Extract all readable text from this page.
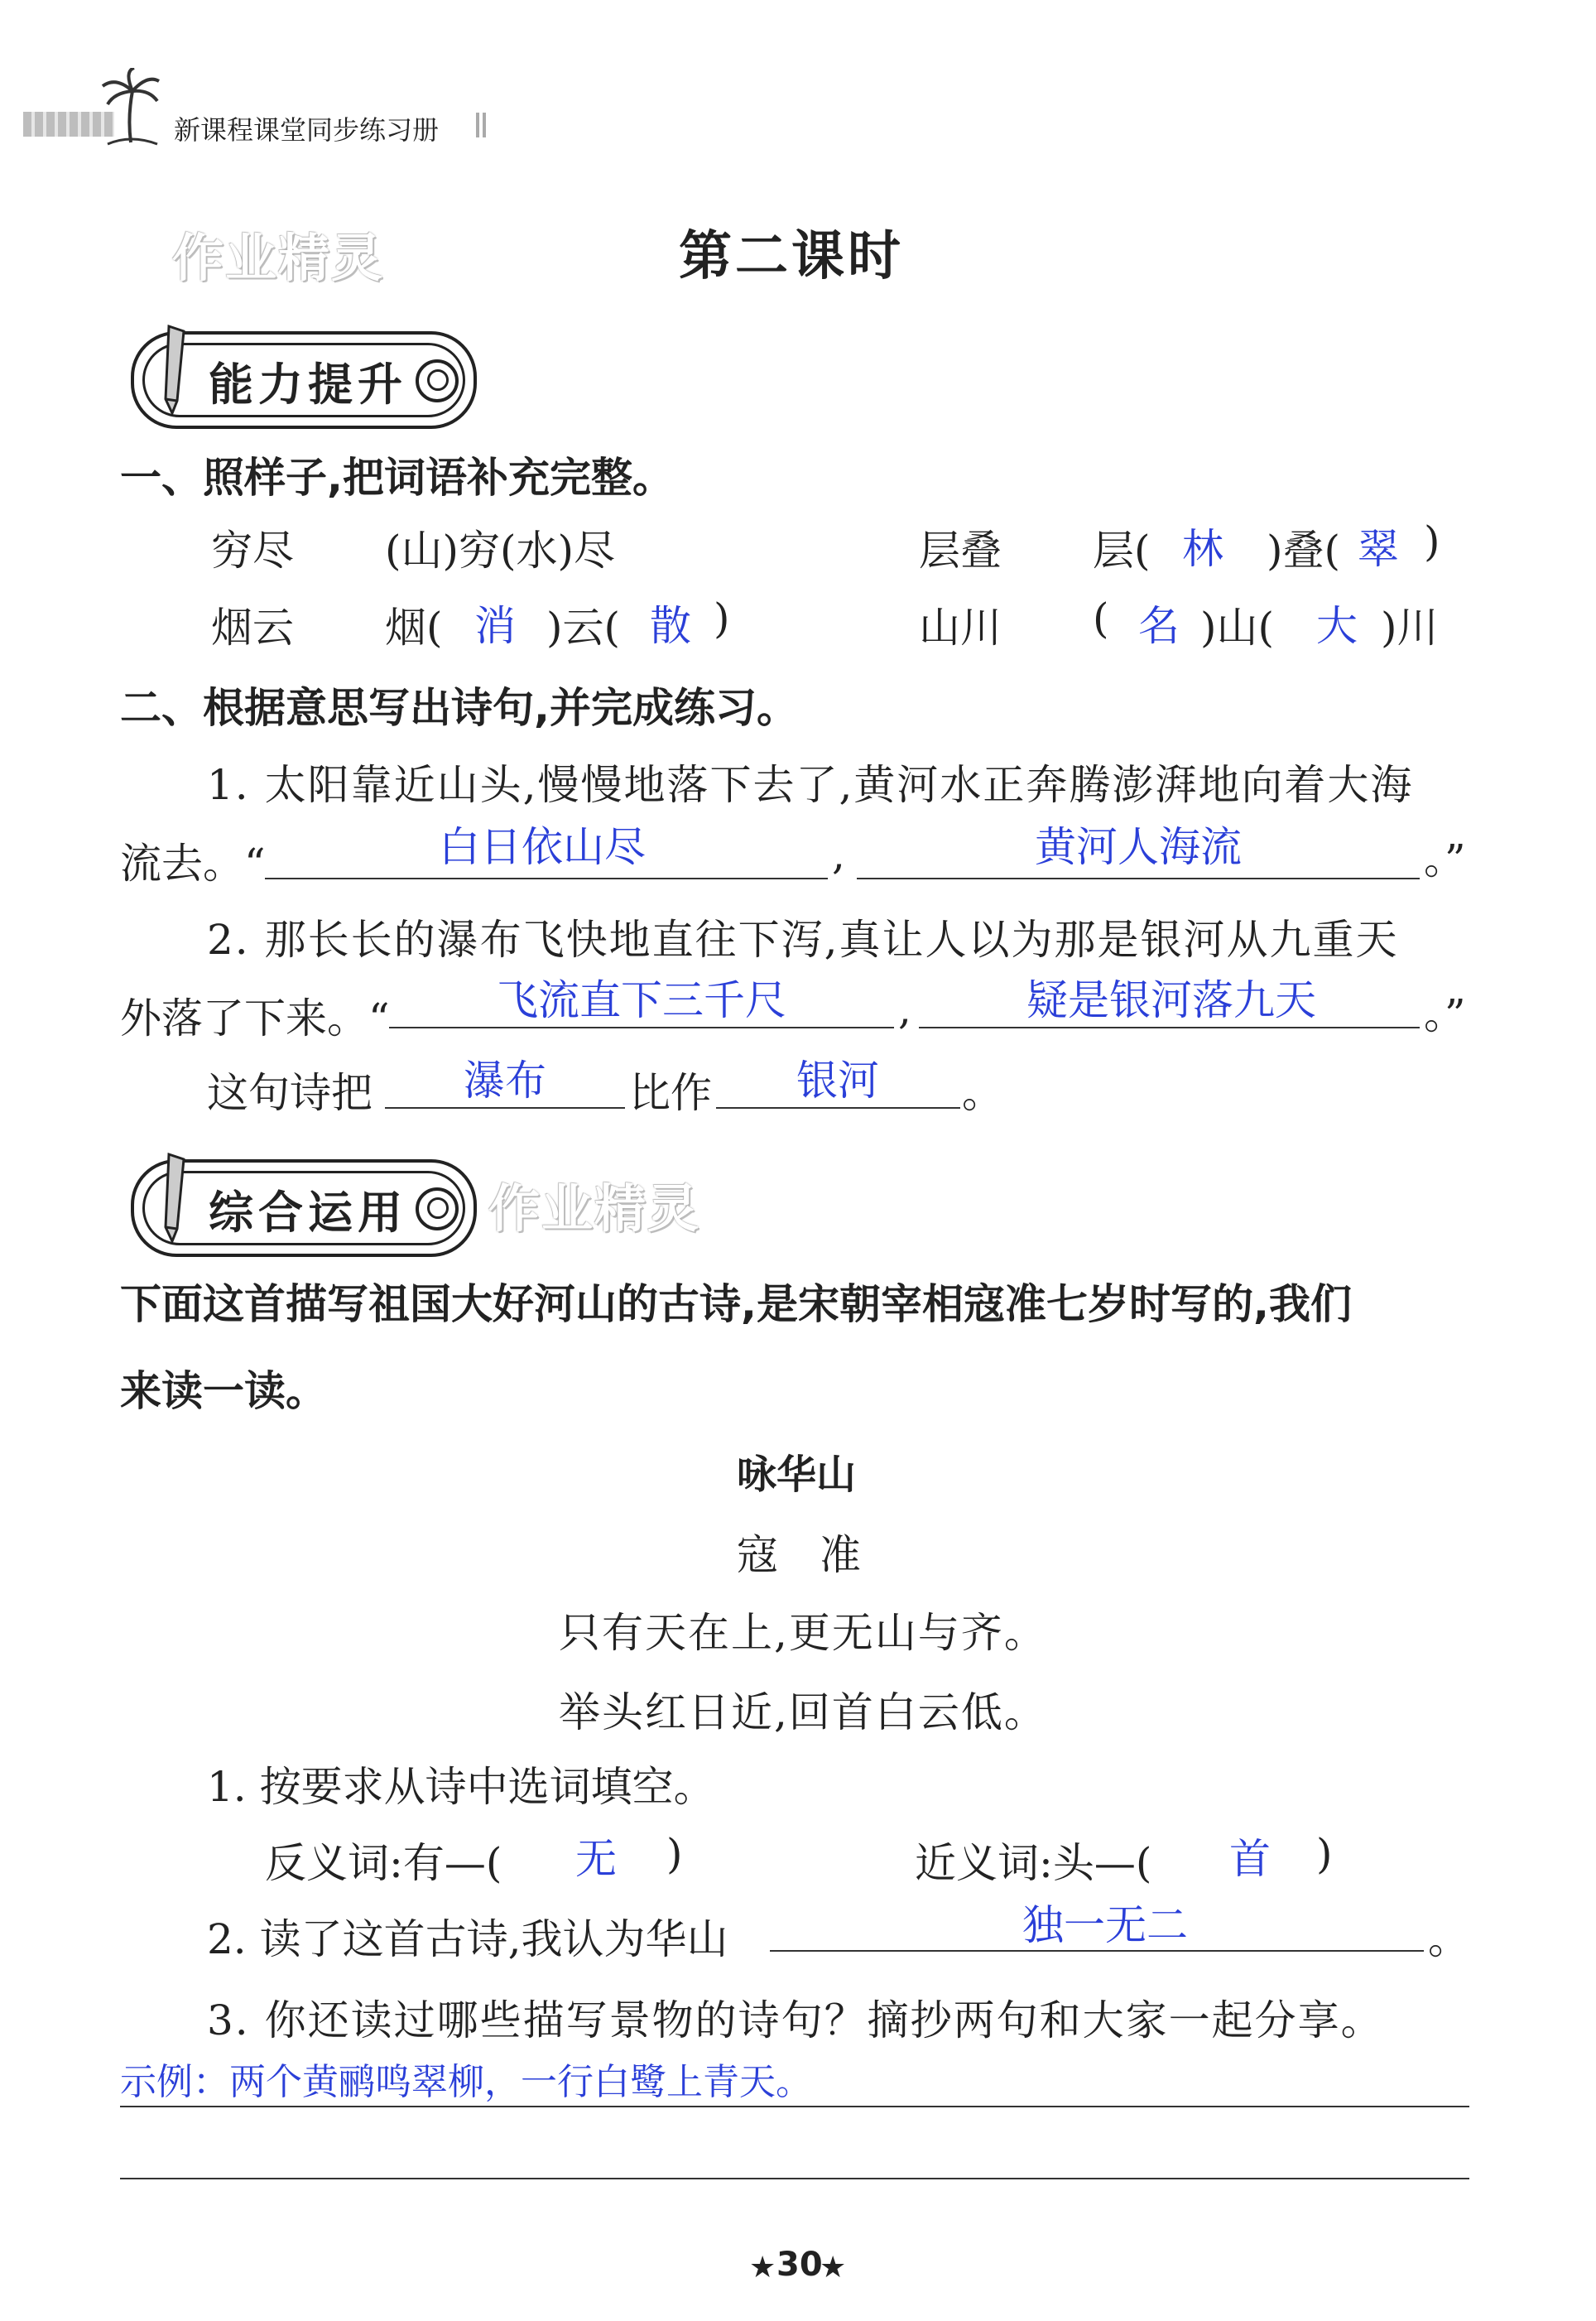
新课程课堂同步练习册
作业精灵	第二课时
能力提升
一、照样子,把词语补充完整。
穷尽 (山)穷(水)尽	层叠 层( 林 )叠( 翠 )
烟云 烟( 消 )云( 散 )	山川 ( 名 )山( 大 )川
二、根据意思写出诗句,并完成练习。
1. 太阳靠近山头,慢慢地落下去了,黄河水正奔腾澎湃地向着大海
流去。“	白日依山尽	,	黄河人海流	。”
2. 那长长的瀑布飞快地直往下泻,真让人以为那是银河从九重天
外落了下来。“	飞流直下三千尺	,	疑是银河落九天	。”
这句诗把 瀑布 比作 银河 。
综合运用 作业精灵
下面这首描写祖国大好河山的古诗,是宋朝宰相寇准七岁时写的,我们
来读一读。
咏华山
寇　准
只有天在上,更无山与齐。
举头红日近,回首白云低。
1. 按要求从诗中选词填空。
反义词:有—( 无 )	近义词:头—( 首 )
2. 读了这首古诗,我认为华山	独一无二	。
3. 你还读过哪些描写景物的诗句？摘抄两句和大家一起分享。
示例：两个黄鹂鸣翠柳，一行白鹭上青天。
★ 30
★
